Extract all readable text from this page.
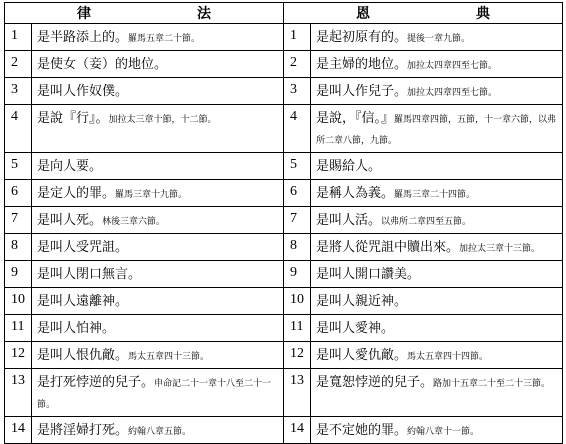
律　　法		恩　　典	
1	是半路添上的。羅馬五章二十節。	1	是起初原有的。提後一章九節。
2	是使女（妾）的地位。	2	是主婦的地位。加拉太四章四至七節。
3	是叫人作奴僕。	3	是叫人作兒子。加拉太四章四至七節。
4	是說『行』。加拉太三章十節，十二節。	4	是說，『信。』羅馬四章四節，五節，十一章六節，以弗所二章八節，九節。
5	是向人要。	5	是賜給人。
6	是定人的罪。羅馬三章十九節。	6	是稱人為義。羅馬三章二十四節。
7	是叫人死。林後三章六節。	7	是叫人活。以弗所二章四至五節。
8	是叫人受咒詛。	8	是將人從咒詛中贖出來。加拉太三章十三節。
9	是叫人閉口無言。	9	是叫人開口讚美。
10	是叫人遠離神。	10	是叫人親近神。
11	是叫人怕神。	11	是叫人愛神。
12	是叫人恨仇敵。馬太五章四十三節。	12	是叫人愛仇敵。馬太五章四十四節。
13	是打死悖逆的兒子。申命記二十一章十八至二十一節。	13	是寬恕悖逆的兒子。路加十五章二十至二十三節。
14	是將淫婦打死。約翰八章五節。	14	是不定她的罪。約翰八章十一節。
